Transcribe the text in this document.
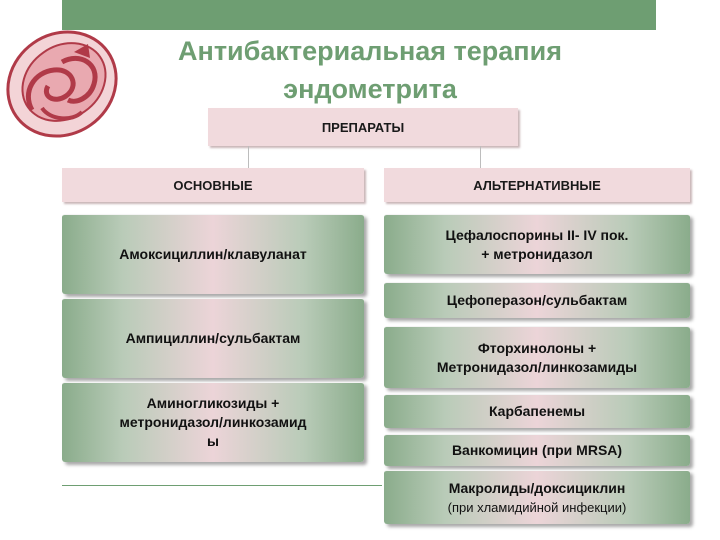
Антибактериальная терапия
эндометрита
ПРЕПАРАТЫ
ОСНОВНЫЕ	АЛЬТЕРНАТИВНЫЕ
Амоксициллин/клавуланат
Ампициллин/сульбактам
Аминогликозиды +
метронидазол/линкозамид
ы
Цефалоспорины II- IV пок.
+ метронидазол
Цефоперазон/сульбактам
Фторхинолоны +
Метронидазол/линкозамиды
Карбапенемы
Ванкомицин (при MRSA)
Макролиды/доксициклин
(при хламидийной инфекции)
